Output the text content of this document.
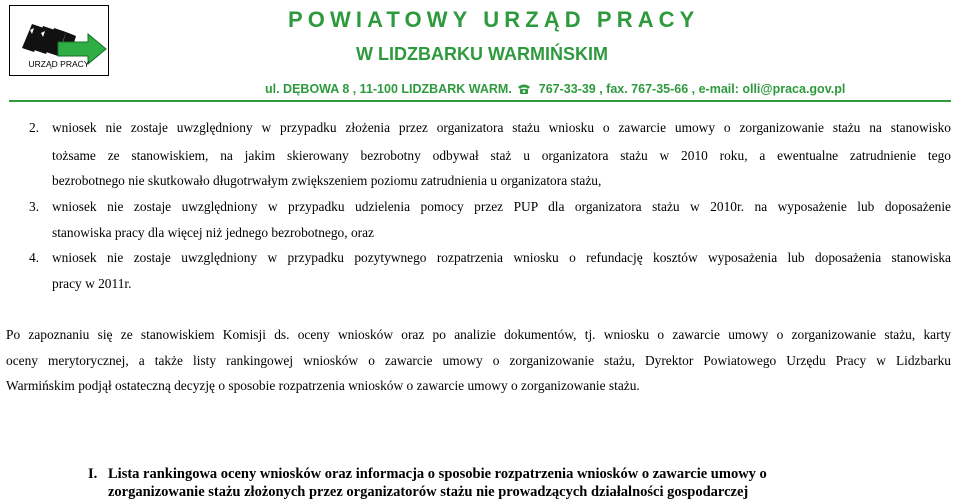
URZĄD PRACY
POWIATOWY URZĄD PRACY
W LIDZBARKU WARMIŃSKIM
ul. DĘBOWA 8 , 11-100 LIDZBARK WARM. 767-33-39 , fax. 767-35-66 , e-mail: olli@praca.gov.pl
2. wniosek nie zostaje uwzględniony w przypadku złożenia przez organizatora stażu wniosku o zawarcie umowy o zorganizowanie stażu na stanowisko
tożsame ze stanowiskiem, na jakim skierowany bezrobotny odbywał staż u organizatora stażu w 2010 roku, a ewentualne zatrudnienie tego
bezrobotnego nie skutkowało długotrwałym zwiększeniem poziomu zatrudnienia u organizatora stażu,
3. wniosek nie zostaje uwzględniony w przypadku udzielenia pomocy przez PUP dla organizatora stażu w 2010r. na wyposażenie lub doposażenie
stanowiska pracy dla więcej niż jednego bezrobotnego, oraz
4. wniosek nie zostaje uwzględniony w przypadku pozytywnego rozpatrzenia wniosku o refundację kosztów wyposażenia lub doposażenia stanowiska
pracy w 2011r.
Po zapoznaniu się ze stanowiskiem Komisji ds. oceny wniosków oraz po analizie dokumentów, tj. wniosku o zawarcie umowy o zorganizowanie stażu, karty
oceny merytorycznej, a także listy rankingowej wniosków o zawarcie umowy o zorganizowanie stażu, Dyrektor Powiatowego Urzędu Pracy w Lidzbarku
Warmińskim podjął ostateczną decyzję o sposobie rozpatrzenia wniosków o zawarcie umowy o zorganizowanie stażu.
I. Lista rankingowa oceny wniosków oraz informacja o sposobie rozpatrzenia wniosków o zawarcie umowy o
zorganizowanie stażu złożonych przez organizatorów stażu nie prowadzących działalności gospodarczej
